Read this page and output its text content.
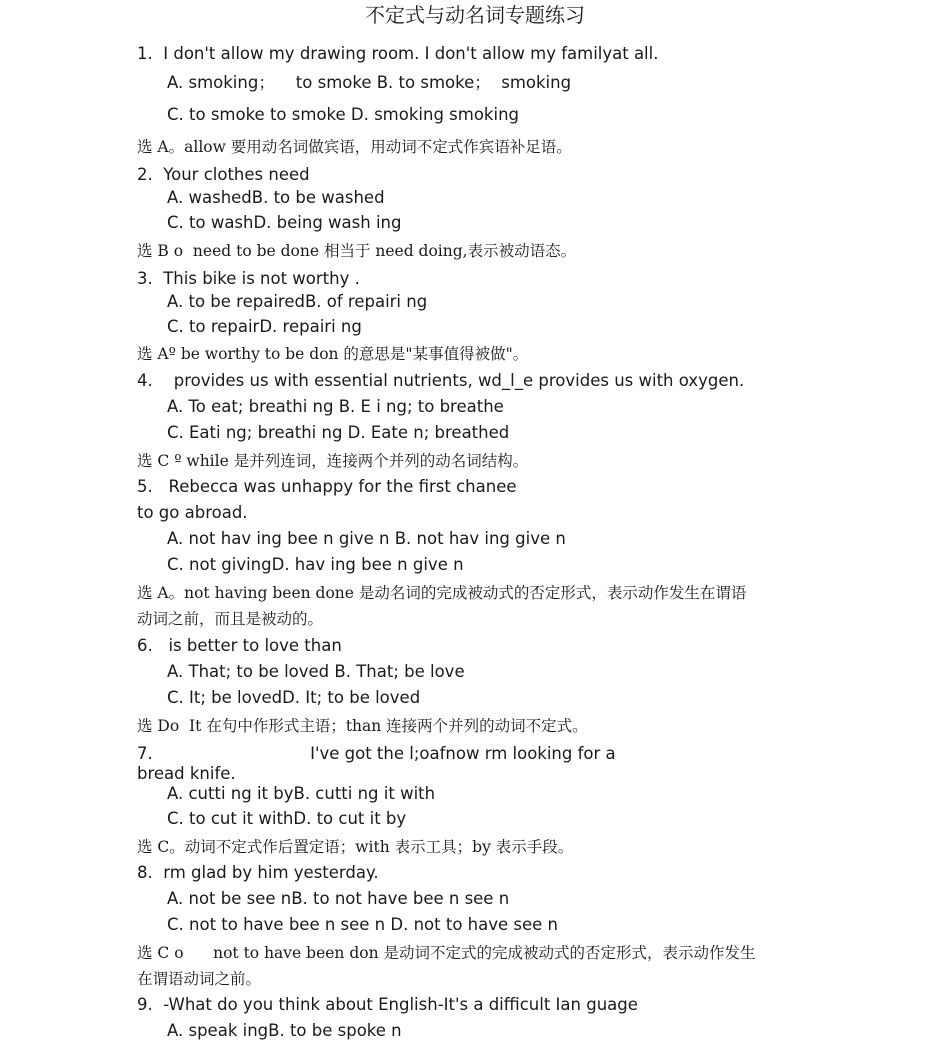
不定式与动名词专题练习
1.  I don't allow my drawing room. I don't allow my familyat all.
A. smoking；    to smoke B. to smoke；  smoking
C. to smoke to smoke D. smoking smoking
选 A。allow 要用动名词做宾语，用动词不定式作宾语补足语。
2.  Your clothes need
A. washedB. to be washed
C. to washD. being wash ing
选 B ο  need to be done 相当于 need doing,表示被动语态。
3.  This bike is not worthy .
A. to be repairedB. of repairi ng
C. to repairD. repairi ng
选 Aº be worthy to be don 的意思是"某事值得被做"。
4.    provides us with essential nutrients, wd_l_e provides us with oxygen.
A. To eat; breathi ng B. E i ng; to breathe
C. Eati ng; breathi ng D. Eate n; breathed
选 C º while 是并列连词，连接两个并列的动名词结构。
5.   Rebecca was unhappy for the first chanee
to go abroad.
A. not hav ing bee n give n B. not hav ing give n
C. not givingD. hav ing bee n give n
选 A。not having been done 是动名词的完成被动式的否定形式，表示动作发生在谓语
动词之前，而且是被动的。
6.   is better to love than
A. That; to be loved B. That; be love
C. It; be lovedD. It; to be loved
选 Dο  It 在句中作形式主语；than 连接两个并列的动词不定式。
7.                              I've got the l;oafnow rm looking for a
bread knife.
A. cutti ng it byB. cutti ng it with
C. to cut it withD. to cut it by
选 C。动词不定式作后置定语；with 表示工具；by 表示手段。
8.  rm glad by him yesterday.
A. not be see nB. to not have bee n see n
C. not to have bee n see n D. not to have see n
选 C ο      not to have been don 是动词不定式的完成被动式的否定形式，表示动作发生
在谓语动词之前。
9.  -What do you think about English-It's a difficult Ian guage
A. speak ingB. to be spoke n
